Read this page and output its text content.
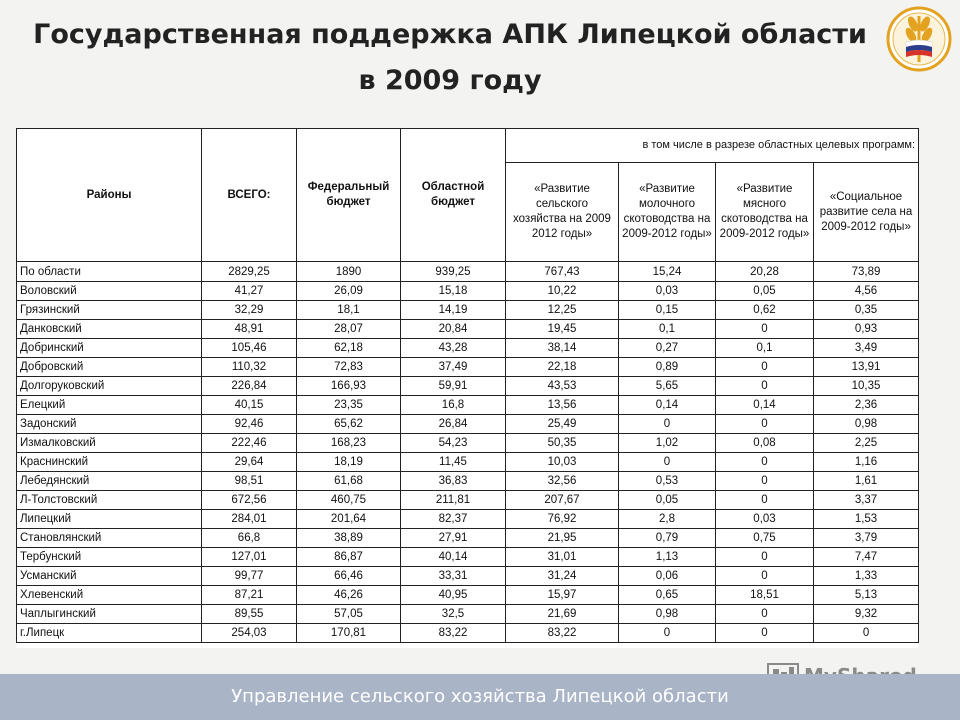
Государственная поддержка АПК Липецкой области
в 2009 году
Районы	ВСЕГО:	Федеральный бюджет	Областной бюджет	в том числе в разрезе областных целевых программ:			
				«Развитие сельского хозяйства на 2009 2012 годы»	«Развитие молочного скотоводства на 2009-2012 годы»	«Развитие мясного скотоводства на 2009-2012 годы»	«Социальное развитие села на 2009-2012 годы»
По области	2829,25	1890	939,25	767,43	15,24	20,28	73,89
Воловский	41,27	26,09	15,18	10,22	0,03	0,05	4,56
Грязинский	32,29	18,1	14,19	12,25	0,15	0,62	0,35
Данковский	48,91	28,07	20,84	19,45	0,1	0	0,93
Добринский	105,46	62,18	43,28	38,14	0,27	0,1	3,49
Добровский	110,32	72,83	37,49	22,18	0,89	0	13,91
Долгоруковский	226,84	166,93	59,91	43,53	5,65	0	10,35
Елецкий	40,15	23,35	16,8	13,56	0,14	0,14	2,36
Задонский	92,46	65,62	26,84	25,49	0	0	0,98
Измалковский	222,46	168,23	54,23	50,35	1,02	0,08	2,25
Краснинский	29,64	18,19	11,45	10,03	0	0	1,16
Лебедянский	98,51	61,68	36,83	32,56	0,53	0	1,61
Л-Толстовский	672,56	460,75	211,81	207,67	0,05	0	3,37
Липецкий	284,01	201,64	82,37	76,92	2,8	0,03	1,53
Становлянский	66,8	38,89	27,91	21,95	0,79	0,75	3,79
Тербунский	127,01	86,87	40,14	31,01	1,13	0	7,47
Усманский	99,77	66,46	33,31	31,24	0,06	0	1,33
Хлевенский	87,21	46,26	40,95	15,97	0,65	18,51	5,13
Чаплыгинский	89,55	57,05	32,5	21,69	0,98	0	9,32
г.Липецк	254,03	170,81	83,22	83,22	0	0	0
Управление сельского хозяйства Липецкой области
